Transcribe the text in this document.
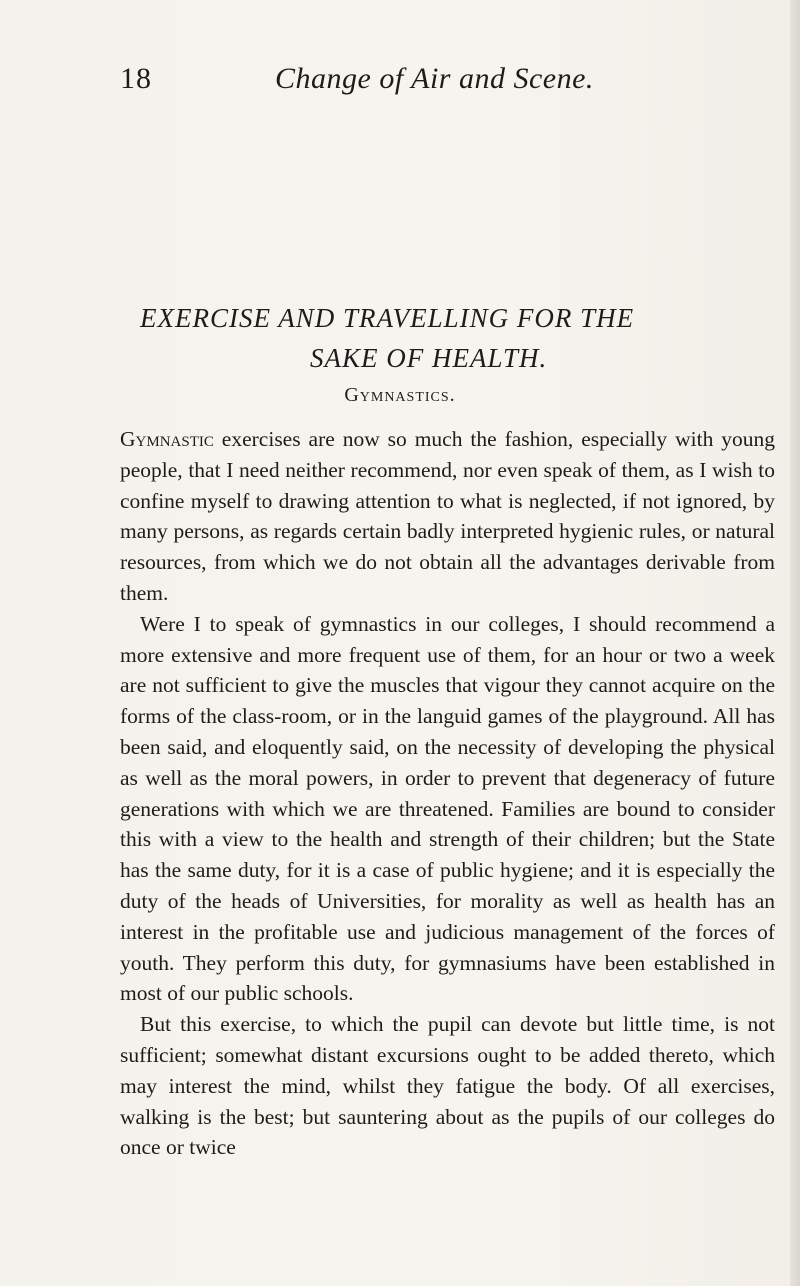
18	Change of Air and Scene.
EXERCISE AND TRAVELLING FOR THE
SAKE OF HEALTH.
Gymnastics.

Gymnastic exercises are now so much the fashion, especially with young people, that I need neither recommend, nor even speak of them, as I wish to confine myself to drawing attention to what is neglected, if not ignored, by many persons, as regards certain badly interpreted hygienic rules, or natural resources, from which we do not obtain all the advantages derivable from them.

Were I to speak of gymnastics in our colleges, I should recommend a more extensive and more frequent use of them, for an hour or two a week are not sufficient to give the muscles that vigour they cannot acquire on the forms of the class-room, or in the languid games of the playground. All has been said, and eloquently said, on the necessity of developing the physical as well as the moral powers, in order to prevent that degeneracy of future generations with which we are threatened. Families are bound to consider this with a view to the health and strength of their children; but the State has the same duty, for it is a case of public hygiene; and it is especially the duty of the heads of Universities, for morality as well as health has an interest in the profitable use and judicious management of the forces of youth. They perform this duty, for gymnasiums have been established in most of our public schools.

But this exercise, to which the pupil can devote but little time, is not sufficient; somewhat distant excursions ought to be added thereto, which may interest the mind, whilst they fatigue the body. Of all exercises, walking is the best; but sauntering about as the pupils of our colleges do once or twice
